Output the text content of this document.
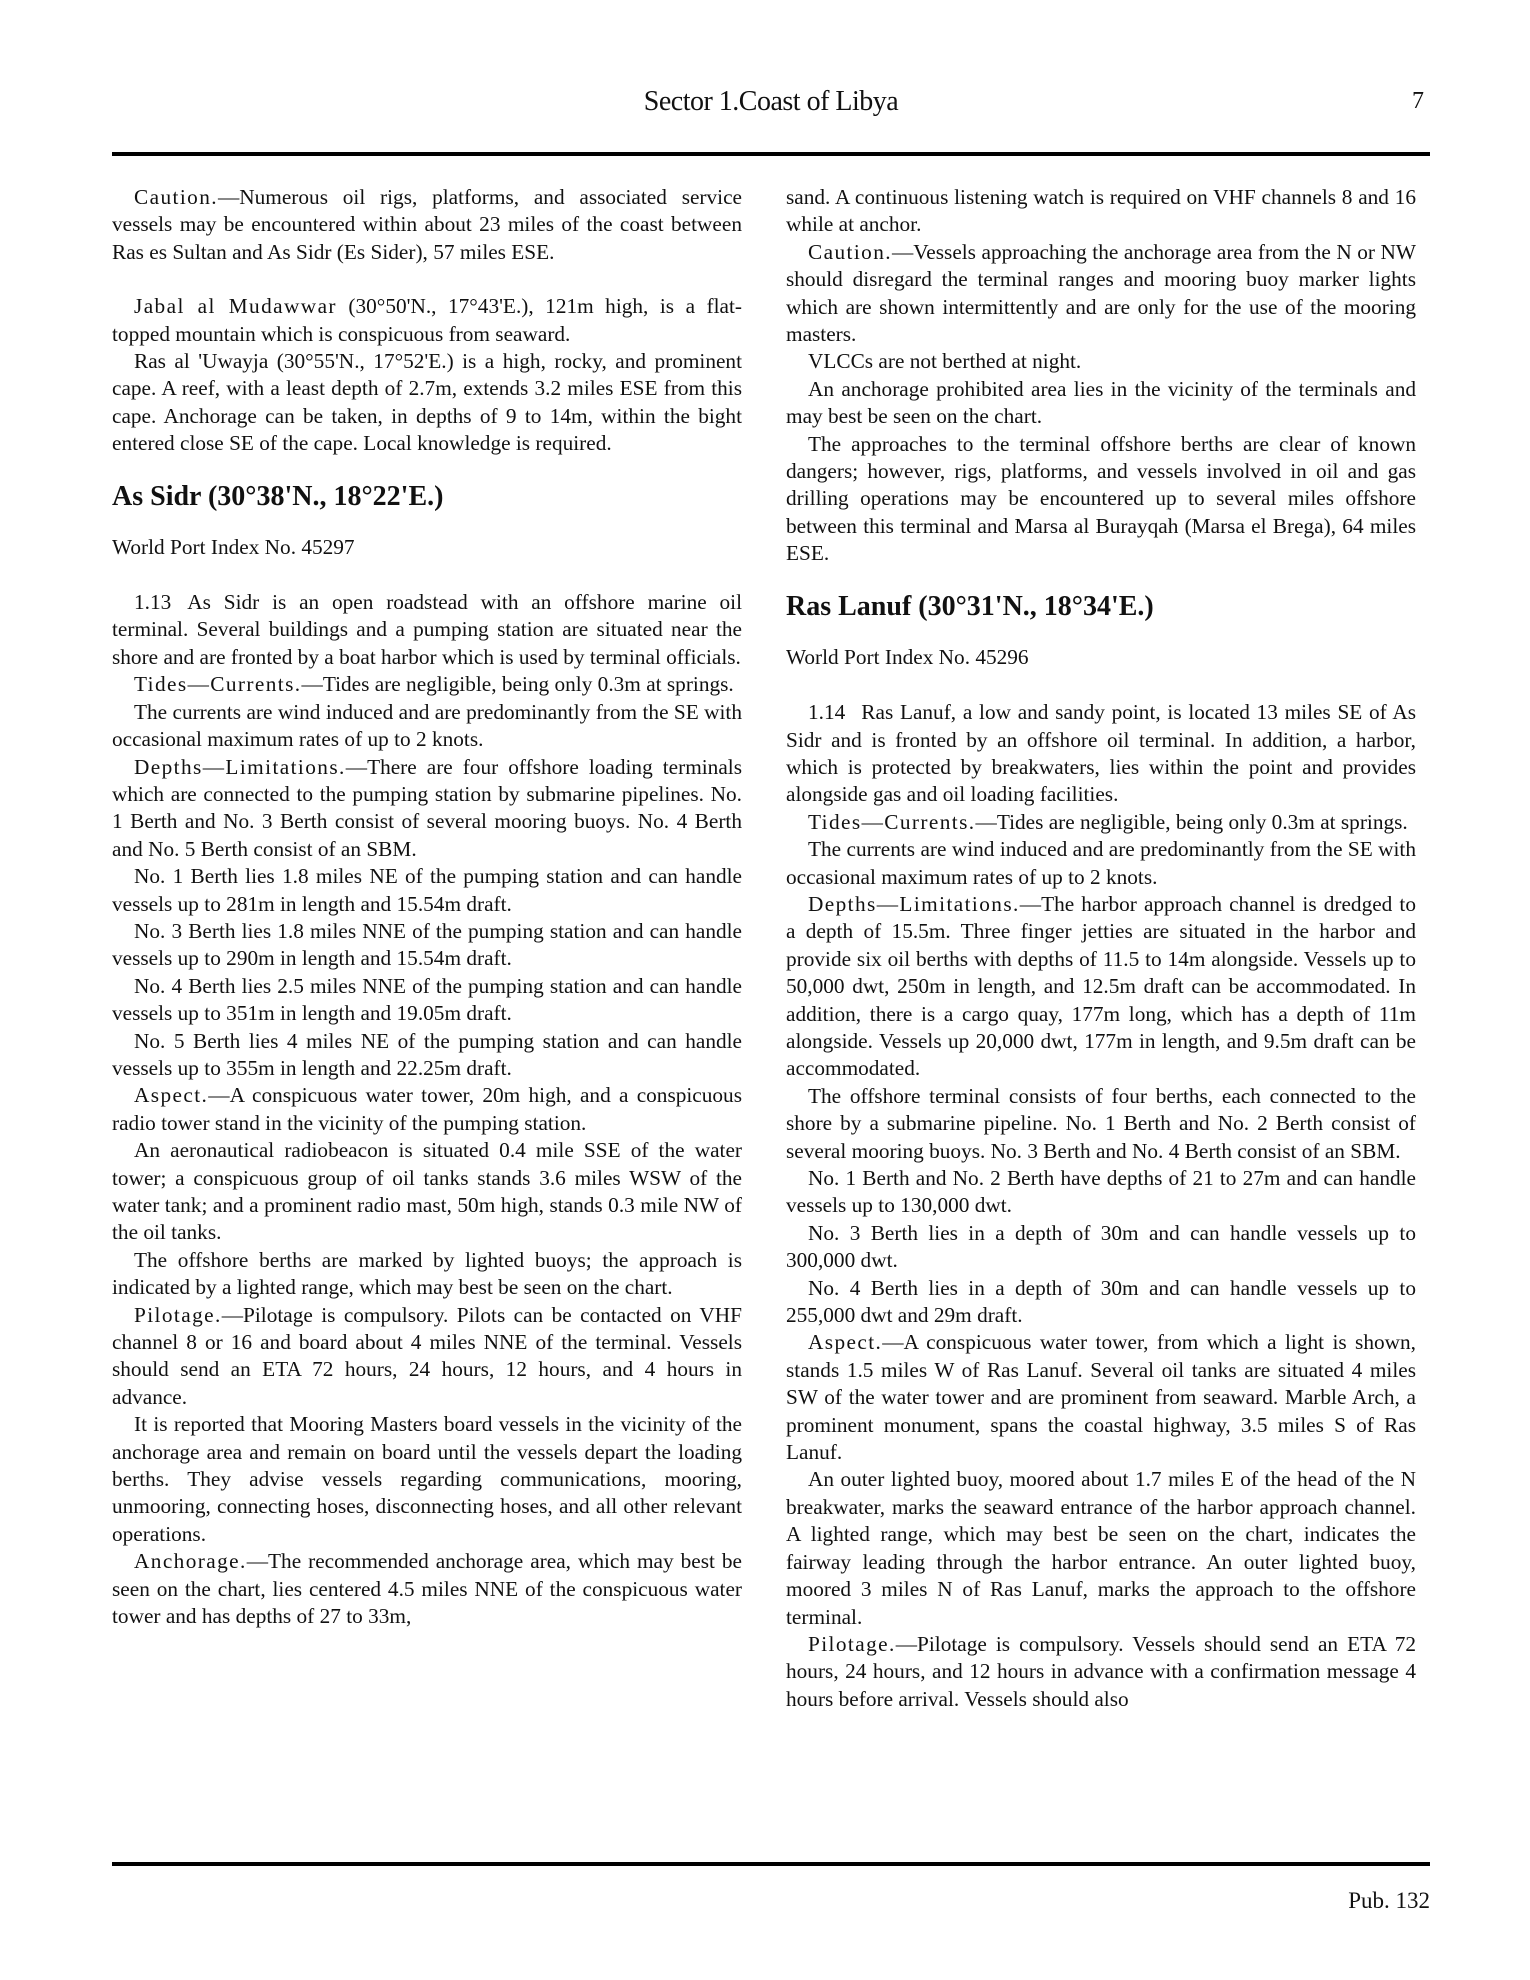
Sector 1.Coast of Libya	7

Caution.—Numerous oil rigs, platforms, and associated service vessels may be encountered within about 23 miles of the coast between Ras es Sultan and As Sidr (Es Sider), 57 miles ESE.

Jabal al Mudawwar (30°50'N., 17°43'E.), 121m high, is a flat-topped mountain which is conspicuous from seaward.

Ras al 'Uwayja (30°55'N., 17°52'E.) is a high, rocky, and prominent cape. A reef, with a least depth of 2.7m, extends 3.2 miles ESE from this cape. Anchorage can be taken, in depths of 9 to 14m, within the bight entered close SE of the cape. Local knowledge is required.

As Sidr (30°38'N., 18°22'E.)

World Port Index No. 45297

1.13 As Sidr is an open roadstead with an offshore marine oil terminal. Several buildings and a pumping station are situated near the shore and are fronted by a boat harbor which is used by terminal officials.

Tides—Currents.—Tides are negligible, being only 0.3m at springs.

The currents are wind induced and are predominantly from the SE with occasional maximum rates of up to 2 knots.

Depths—Limitations.—There are four offshore loading terminals which are connected to the pumping station by submarine pipelines. No. 1 Berth and No. 3 Berth consist of several mooring buoys. No. 4 Berth and No. 5 Berth consist of an SBM.

No. 1 Berth lies 1.8 miles NE of the pumping station and can handle vessels up to 281m in length and 15.54m draft.

No. 3 Berth lies 1.8 miles NNE of the pumping station and can handle vessels up to 290m in length and 15.54m draft.

No. 4 Berth lies 2.5 miles NNE of the pumping station and can handle vessels up to 351m in length and 19.05m draft.

No. 5 Berth lies 4 miles NE of the pumping station and can handle vessels up to 355m in length and 22.25m draft.

Aspect.—A conspicuous water tower, 20m high, and a conspicuous radio tower stand in the vicinity of the pumping station.

An aeronautical radiobeacon is situated 0.4 mile SSE of the water tower; a conspicuous group of oil tanks stands 3.6 miles WSW of the water tank; and a prominent radio mast, 50m high, stands 0.3 mile NW of the oil tanks.

The offshore berths are marked by lighted buoys; the approach is indicated by a lighted range, which may best be seen on the chart.

Pilotage.—Pilotage is compulsory. Pilots can be contacted on VHF channel 8 or 16 and board about 4 miles NNE of the terminal. Vessels should send an ETA 72 hours, 24 hours, 12 hours, and 4 hours in advance.

It is reported that Mooring Masters board vessels in the vicinity of the anchorage area and remain on board until the vessels depart the loading berths. They advise vessels regarding communications, mooring, unmooring, connecting hoses, disconnecting hoses, and all other relevant operations.

Anchorage.—The recommended anchorage area, which may best be seen on the chart, lies centered 4.5 miles NNE of the conspicuous water tower and has depths of 27 to 33m,

sand. A continuous listening watch is required on VHF channels 8 and 16 while at anchor.

Caution.—Vessels approaching the anchorage area from the N or NW should disregard the terminal ranges and mooring buoy marker lights which are shown intermittently and are only for the use of the mooring masters.

VLCCs are not berthed at night.

An anchorage prohibited area lies in the vicinity of the terminals and may best be seen on the chart.

The approaches to the terminal offshore berths are clear of known dangers; however, rigs, platforms, and vessels involved in oil and gas drilling operations may be encountered up to several miles offshore between this terminal and Marsa al Burayqah (Marsa el Brega), 64 miles ESE.

Ras Lanuf (30°31'N., 18°34'E.)

World Port Index No. 45296

1.14 Ras Lanuf, a low and sandy point, is located 13 miles SE of As Sidr and is fronted by an offshore oil terminal. In addition, a harbor, which is protected by breakwaters, lies within the point and provides alongside gas and oil loading facilities.

Tides—Currents.—Tides are negligible, being only 0.3m at springs.

The currents are wind induced and are predominantly from the SE with occasional maximum rates of up to 2 knots.

Depths—Limitations.—The harbor approach channel is dredged to a depth of 15.5m. Three finger jetties are situated in the harbor and provide six oil berths with depths of 11.5 to 14m alongside. Vessels up to 50,000 dwt, 250m in length, and 12.5m draft can be accommodated. In addition, there is a cargo quay, 177m long, which has a depth of 11m alongside. Vessels up 20,000 dwt, 177m in length, and 9.5m draft can be accommodated.

The offshore terminal consists of four berths, each connected to the shore by a submarine pipeline. No. 1 Berth and No. 2 Berth consist of several mooring buoys. No. 3 Berth and No. 4 Berth consist of an SBM.

No. 1 Berth and No. 2 Berth have depths of 21 to 27m and can handle vessels up to 130,000 dwt.

No. 3 Berth lies in a depth of 30m and can handle vessels up to 300,000 dwt.

No. 4 Berth lies in a depth of 30m and can handle vessels up to 255,000 dwt and 29m draft.

Aspect.—A conspicuous water tower, from which a light is shown, stands 1.5 miles W of Ras Lanuf. Several oil tanks are situated 4 miles SW of the water tower and are prominent from seaward. Marble Arch, a prominent monument, spans the coastal highway, 3.5 miles S of Ras Lanuf.

An outer lighted buoy, moored about 1.7 miles E of the head of the N breakwater, marks the seaward entrance of the harbor approach channel. A lighted range, which may best be seen on the chart, indicates the fairway leading through the harbor entrance. An outer lighted buoy, moored 3 miles N of Ras Lanuf, marks the approach to the offshore terminal.

Pilotage.—Pilotage is compulsory. Vessels should send an ETA 72 hours, 24 hours, and 12 hours in advance with a confirmation message 4 hours before arrival. Vessels should also

Pub. 132
